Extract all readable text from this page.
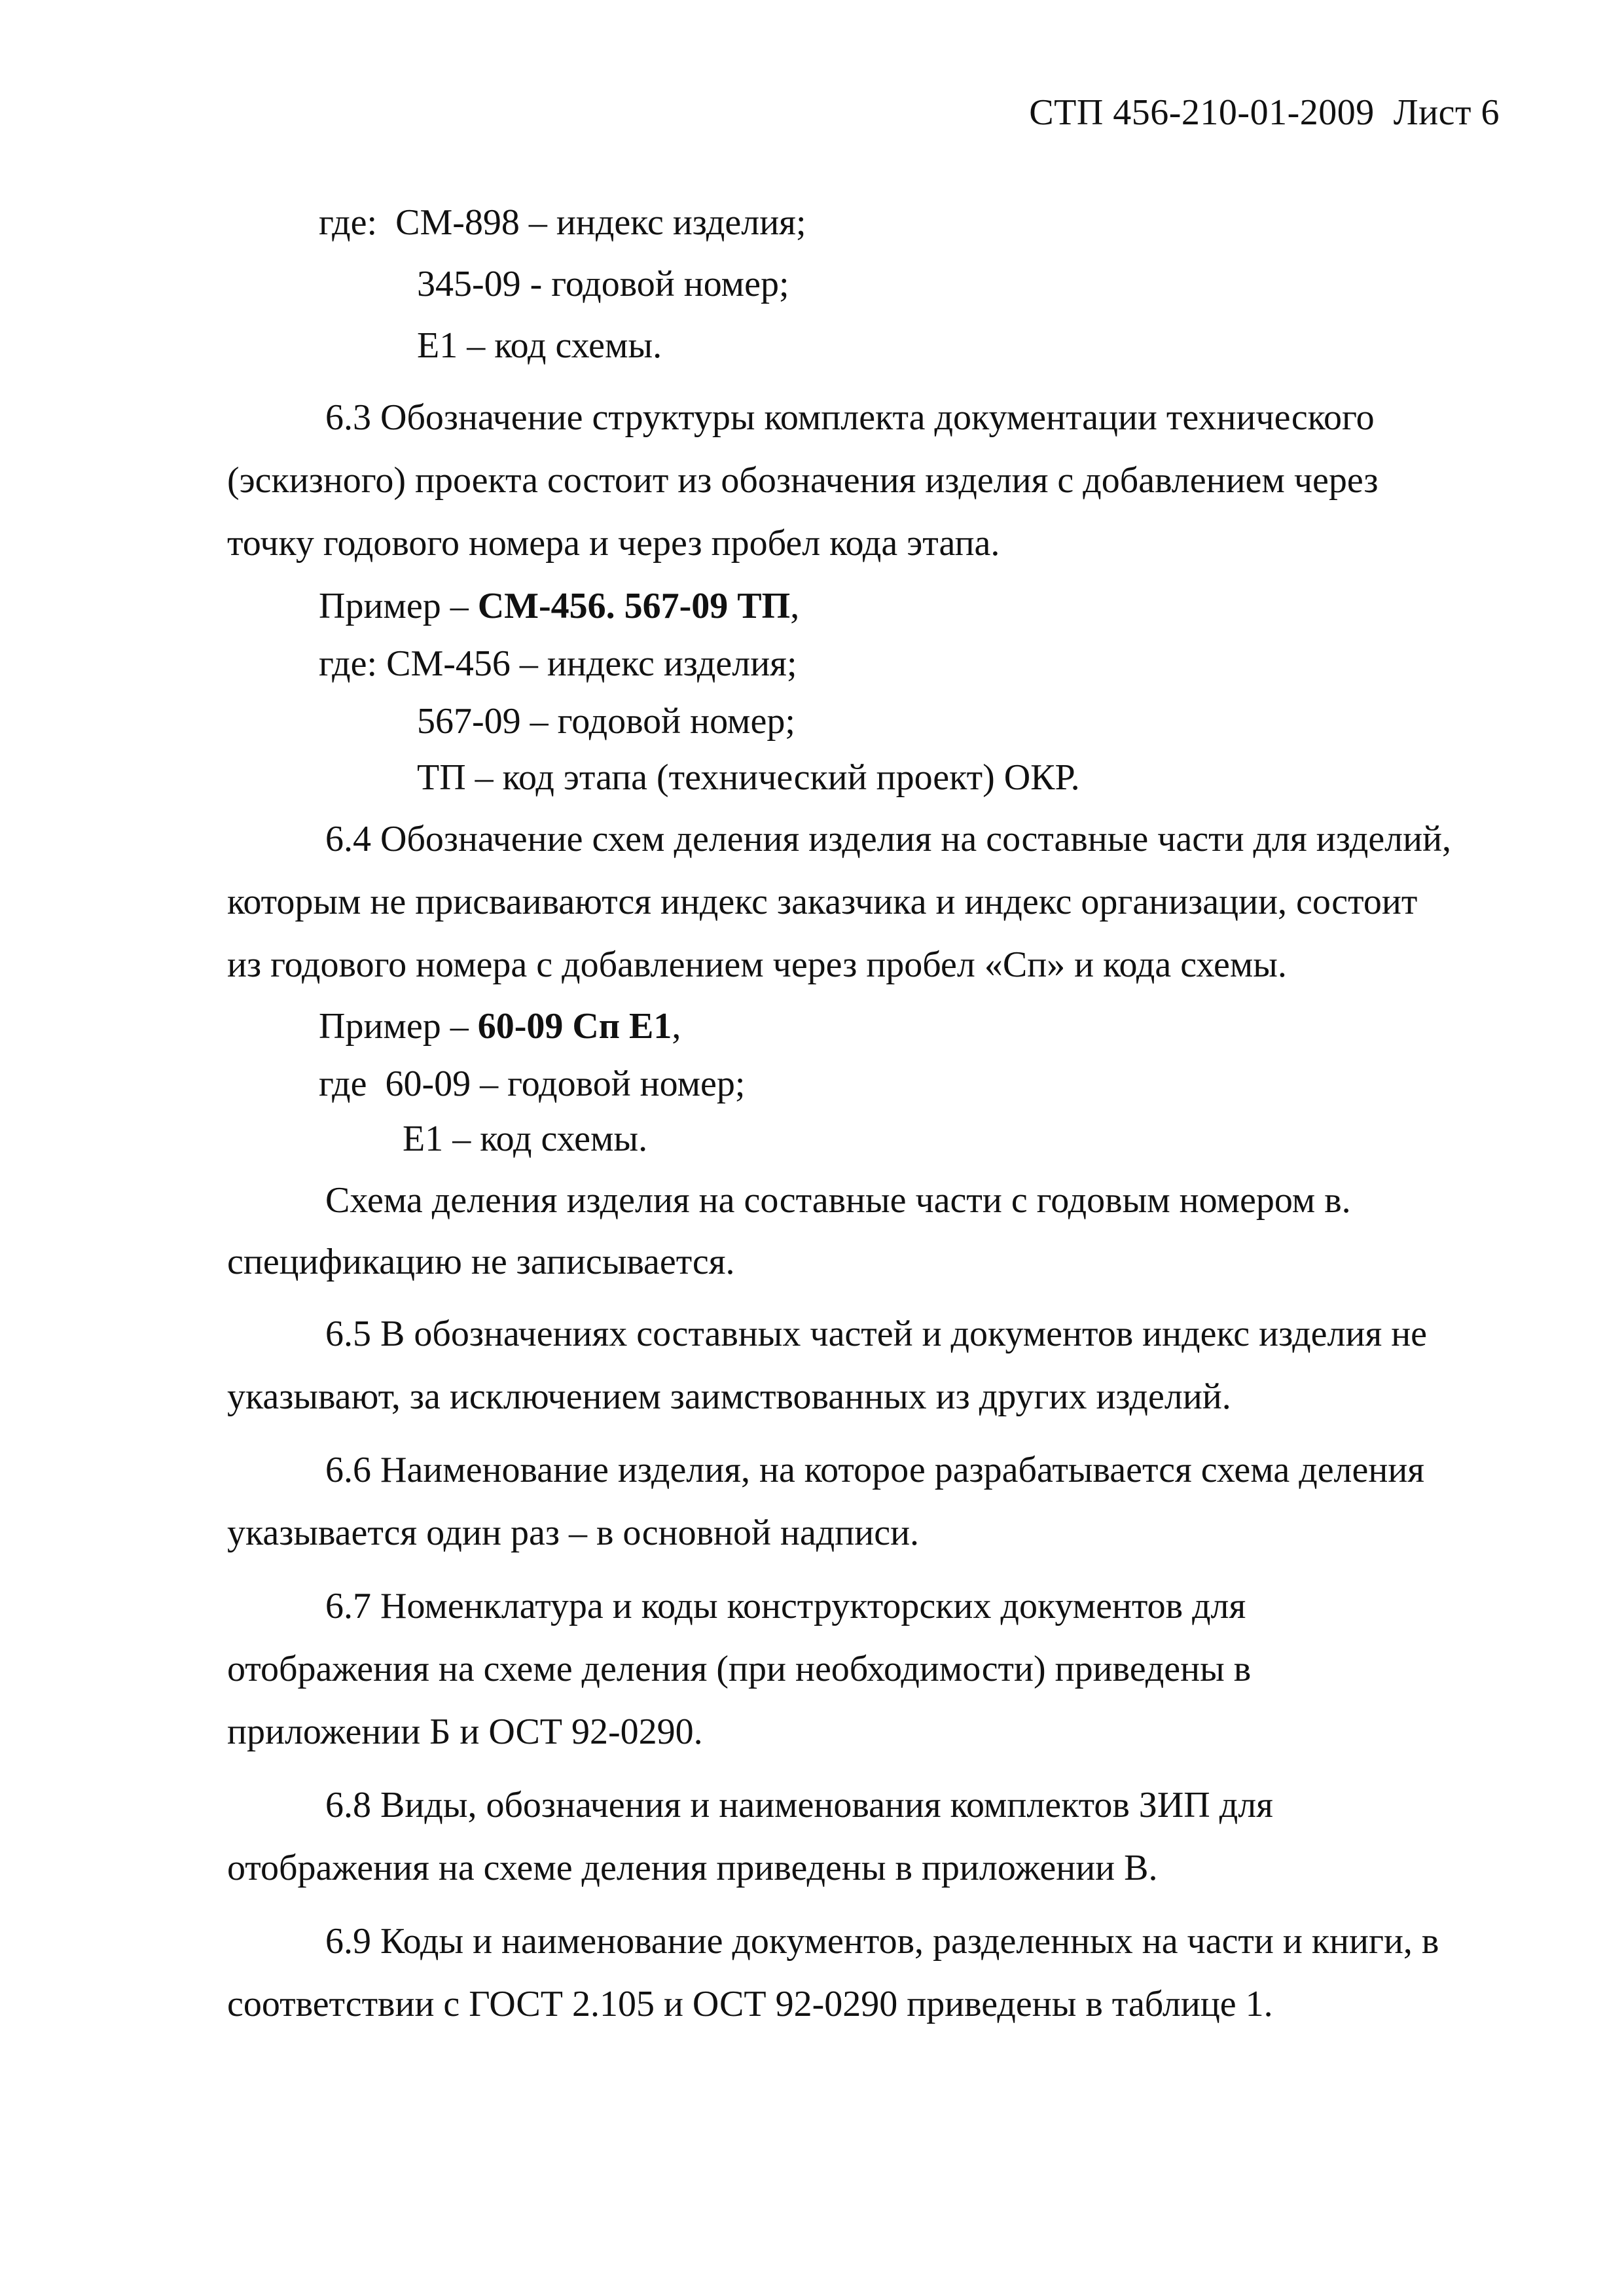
СТП 456-210-01-2009 Лист 6
где: СМ-898 – индекс изделия;
345-09 - годовой номер;
Е1 – код схемы.
6.3 Обозначение структуры комплекта документации технического
(эскизного) проекта состоит из обозначения изделия с добавлением через
точку годового номера и через пробел кода этапа.
Пример – СМ-456. 567-09 ТП,
где: СМ-456 – индекс изделия;
567-09 – годовой номер;
ТП – код этапа (технический проект) ОКР.
6.4 Обозначение схем деления изделия на составные части для изделий,
которым не присваиваются индекс заказчика и индекс организации, состоит
из годового номера с добавлением через пробел «Сп» и кода схемы.
Пример – 60-09 Сп Е1,
где 60-09 – годовой номер;
Е1 – код схемы.
Схема деления изделия на составные части с годовым номером в.
спецификацию не записывается.
6.5 В обозначениях составных частей и документов индекс изделия не
указывают, за исключением заимствованных из других изделий.
6.6 Наименование изделия, на которое разрабатывается схема деления
указывается один раз – в основной надписи.
6.7 Номенклатура и коды конструкторских документов для
отображения на схеме деления (при необходимости) приведены в
приложении Б и ОСТ 92-0290.
6.8 Виды, обозначения и наименования комплектов ЗИП для
отображения на схеме деления приведены в приложении В.
6.9 Коды и наименование документов, разделенных на части и книги, в
соответствии с ГОСТ 2.105 и ОСТ 92-0290 приведены в таблице 1.
